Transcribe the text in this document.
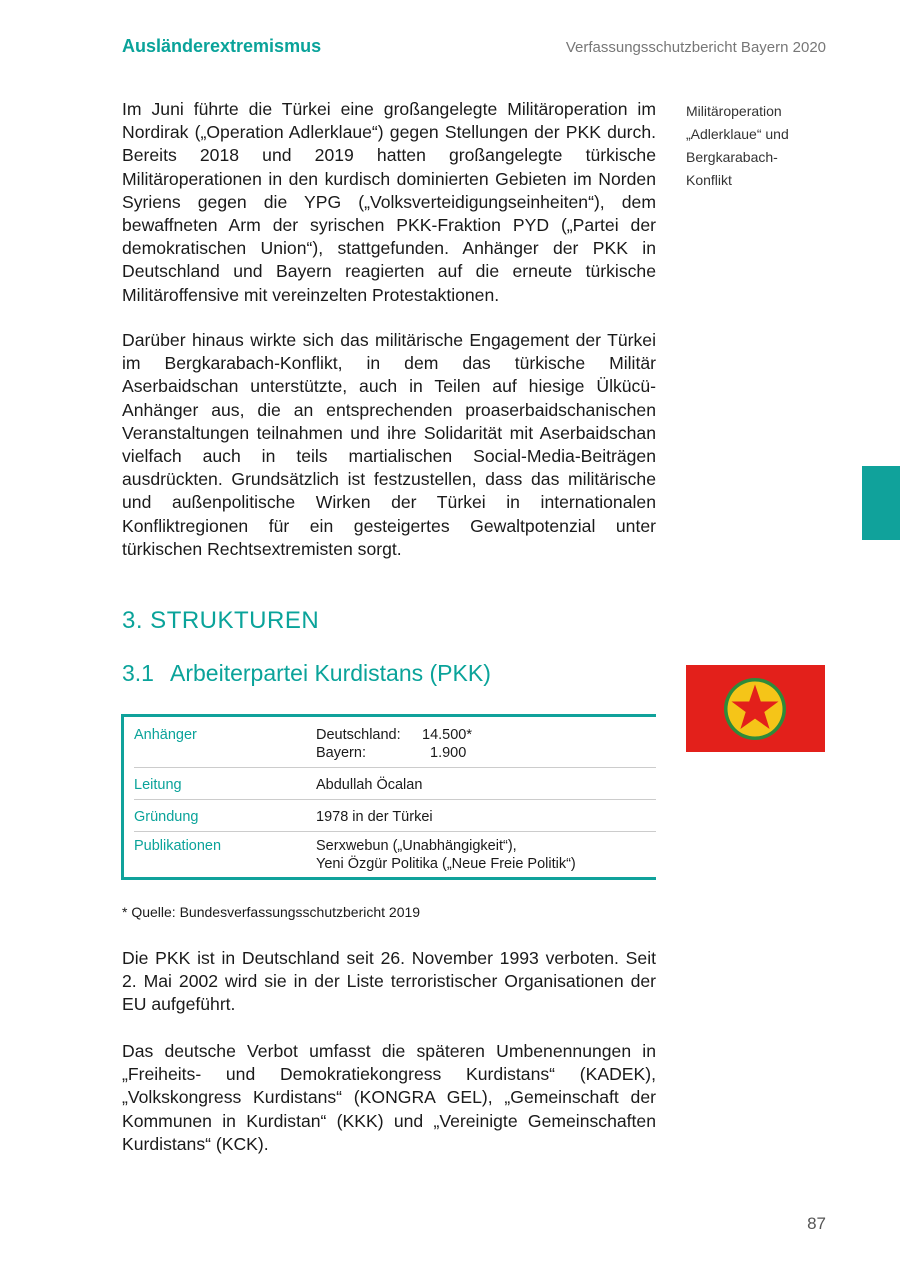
Ausländerextremismus	Verfassungsschutzbericht Bayern 2020

Im Juni führte die Türkei eine großangelegte Militäroperation im Nordirak („Operation Adlerklaue“) gegen Stellungen der PKK durch. Bereits 2018 und 2019 hatten großangelegte türkische Militäroperationen in den kurdisch dominierten Gebieten im Norden Syriens gegen die YPG („Volksverteidigungseinheiten“), dem bewaffneten Arm der syrischen PKK-Fraktion PYD („Partei der demokratischen Union“), stattgefunden. Anhänger der PKK in Deutschland und Bayern reagierten auf die erneute türkische Militäroffensive mit vereinzelten Protestaktionen.

Darüber hinaus wirkte sich das militärische Engagement der Türkei im Bergkarabach-Konflikt, in dem das türkische Militär Aserbaidschan unterstützte, auch in Teilen auf hiesige Ülkücü-Anhänger aus, die an entsprechenden proaserbaidschanischen Veranstaltungen teilnahmen und ihre Solidarität mit Aserbaidschan vielfach auch in teils martialischen Social-Media-Beiträgen ausdrückten. Grundsätzlich ist festzustellen, dass das militärische und außenpolitische Wirken der Türkei in internationalen Konfliktregionen für ein gesteigertes Gewaltpotenzial unter türkischen Rechtsextremisten sorgt.

Militäroperation
„Adlerklaue“ und
Bergkarabach-
Konflikt
3. STRUKTUREN
3.1 Arbeiterpartei Kurdistans (PKK)
Anhänger	Deutschland: 14.500*
Bayern:	1.900
Leitung	Abdullah Öcalan
Gründung	1978 in der Türkei
Publikationen	Serxwebun („Unabhängigkeit“),
Yeni Özgür Politika („Neue Freie Politik“)
* Quelle: Bundesverfassungsschutzbericht 2019

Die PKK ist in Deutschland seit 26. November 1993 verboten. Seit 2. Mai 2002 wird sie in der Liste terroristischer Organisationen der EU aufgeführt.

Das deutsche Verbot umfasst die späteren Umbenennungen in „Freiheits- und Demokratiekongress Kurdistans“ (KADEK), „Volkskongress Kurdistans“ (KONGRA GEL), „Gemeinschaft der Kommunen in Kurdistan“ (KKK) und „Vereinigte Gemeinschaften Kurdistans“ (KCK).

87
